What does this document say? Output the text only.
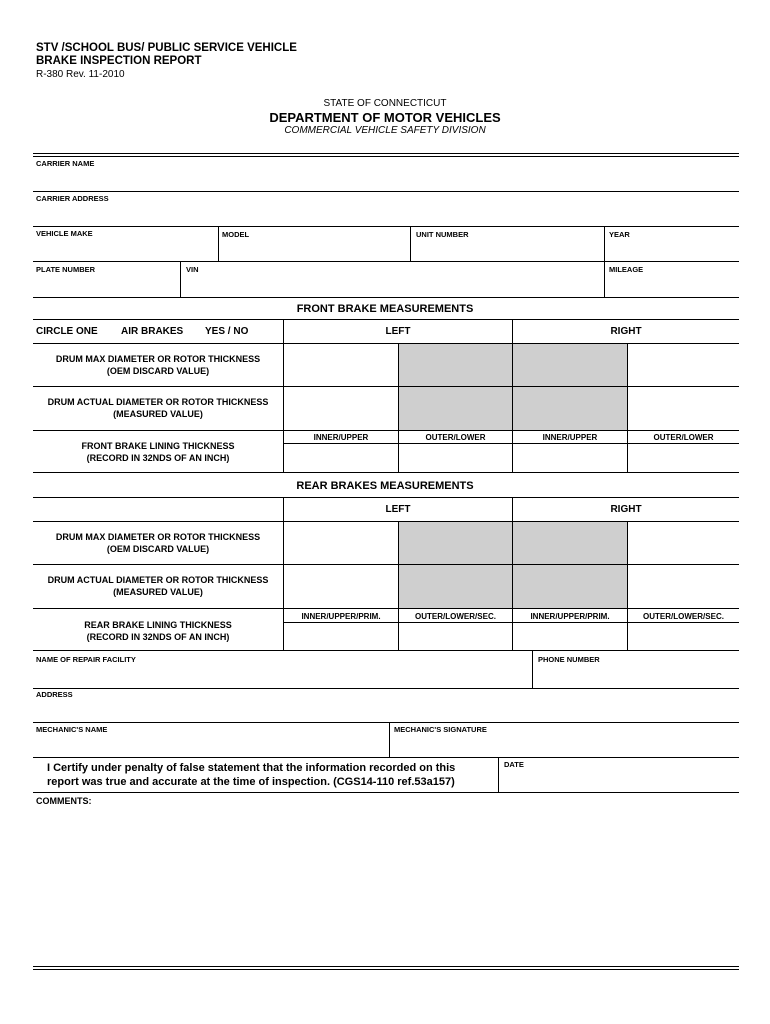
STV /SCHOOL BUS/ PUBLIC SERVICE VEHICLE
BRAKE INSPECTION REPORT
R-380 Rev. 11-2010
STATE OF CONNECTICUT
DEPARTMENT OF MOTOR VEHICLES
COMMERCIAL VEHICLE SAFETY DIVISION
CARRIER NAME
CARRIER ADDRESS
VEHICLE MAKE	MODEL	UNIT NUMBER	YEAR
PLATE NUMBER	VIN	MILEAGE
FRONT BRAKE MEASUREMENTS
CIRCLE ONE AIR BRAKES YES / NO	LEFT	RIGHT
DRUM MAX DIAMETER OR ROTOR THICKNESS
(OEM DISCARD VALUE)
DRUM ACTUAL DIAMETER OR ROTOR THICKNESS
(MEASURED VALUE)
INNER/UPPER	OUTER/LOWER	INNER/UPPER	OUTER/LOWER
FRONT BRAKE LINING THICKNESS
(RECORD IN 32NDS OF AN INCH)
REAR BRAKES MEASUREMENTS
LEFT	RIGHT
DRUM MAX DIAMETER OR ROTOR THICKNESS
(OEM DISCARD VALUE)
DRUM ACTUAL DIAMETER OR ROTOR THICKNESS
(MEASURED VALUE)
INNER/UPPER/PRIM.	OUTER/LOWER/SEC.	INNER/UPPER/PRIM.	OUTER/LOWER/SEC.
REAR BRAKE LINING THICKNESS
(RECORD IN 32NDS OF AN INCH)
NAME OF REPAIR FACILITY	PHONE NUMBER
ADDRESS
MECHANIC'S NAME	MECHANIC'S SIGNATURE
I Certify under penalty of false statement that the information recorded on this
report was true and accurate at the time of inspection. (CGS14-110 ref.53a157)
DATE
COMMENTS:
